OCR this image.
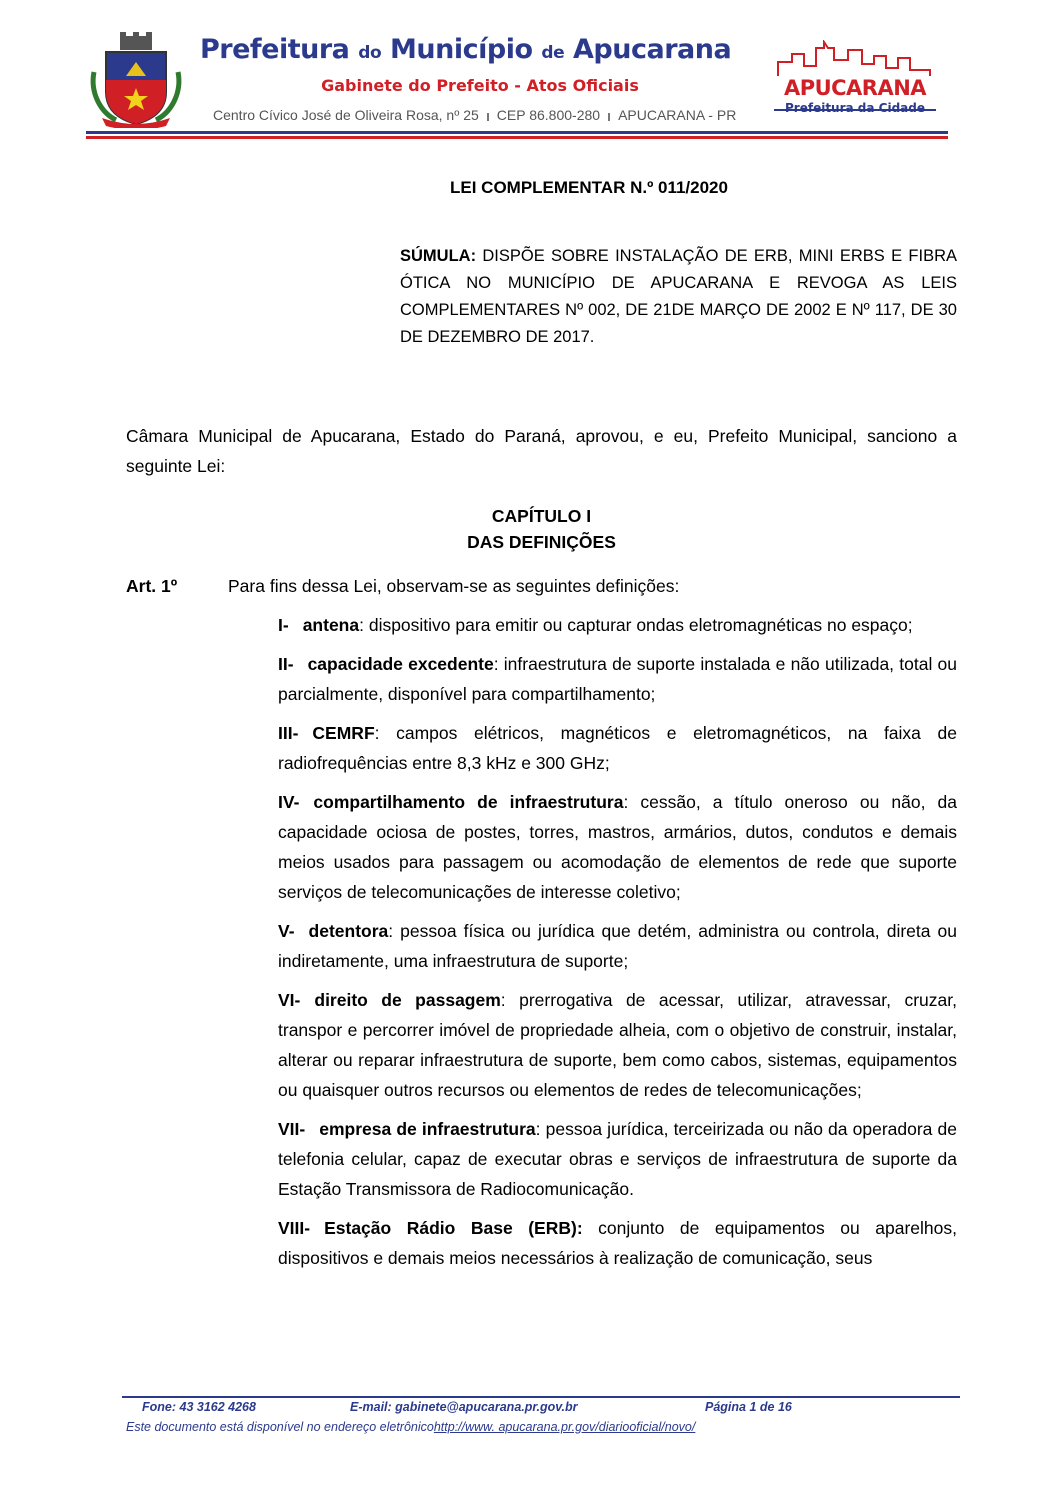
Prefeitura do Município de Apucarana
Gabinete do Prefeito - Atos Oficiais
Centro Cívico José de Oliveira Rosa, nº 25 CEP 86.800-280 APUCARANA - PR
APUCARANA
Prefeitura da Cidade
LEI COMPLEMENTAR N.º 011/2020
SÚMULA: DISPÕE SOBRE INSTALAÇÃO DE ERB, MINI ERBS E FIBRA ÓTICA NO MUNICÍPIO DE APUCARANA E REVOGA AS LEIS COMPLEMENTARES Nº 002, DE 21DE MARÇO DE 2002 E Nº 117, DE 30 DE DEZEMBRO DE 2017.
Câmara Municipal de Apucarana, Estado do Paraná, aprovou, e eu, Prefeito Municipal, sanciono a seguinte Lei:
CAPÍTULO I
DAS DEFINIÇÕES
Art. 1º	Para fins dessa Lei, observam-se as seguintes definições:

I- antena: dispositivo para emitir ou capturar ondas eletromagnéticas no espaço;

II- capacidade excedente: infraestrutura de suporte instalada e não utilizada, total ou parcialmente, disponível para compartilhamento;

III- CEMRF: campos elétricos, magnéticos e eletromagnéticos, na faixa de radiofrequências entre 8,3 kHz e 300 GHz;

IV- compartilhamento de infraestrutura: cessão, a título oneroso ou não, da capacidade ociosa de postes, torres, mastros, armários, dutos, condutos e demais meios usados para passagem ou acomodação de elementos de rede que suporte serviços de telecomunicações de interesse coletivo;

V- detentora: pessoa física ou jurídica que detém, administra ou controla, direta ou indiretamente, uma infraestrutura de suporte;

VI- direito de passagem: prerrogativa de acessar, utilizar, atravessar, cruzar, transpor e percorrer imóvel de propriedade alheia, com o objetivo de construir, instalar, alterar ou reparar infraestrutura de suporte, bem como cabos, sistemas, equipamentos ou quaisquer outros recursos ou elementos de redes de telecomunicações;

VII- empresa de infraestrutura: pessoa jurídica, terceirizada ou não da operadora de telefonia celular, capaz de executar obras e serviços de infraestrutura de suporte da Estação Transmissora de Radiocomunicação.

VIII- Estação Rádio Base (ERB): conjunto de equipamentos ou aparelhos, dispositivos e demais meios necessários à realização de comunicação, seus

Fone: 43 3162 4268	E-mail: gabinete@apucarana.pr.gov.br	Página 1 de 16
Este documento está disponível no endereço eletrônicohttp://www. apucarana.pr.gov/diariooficial/novo/
